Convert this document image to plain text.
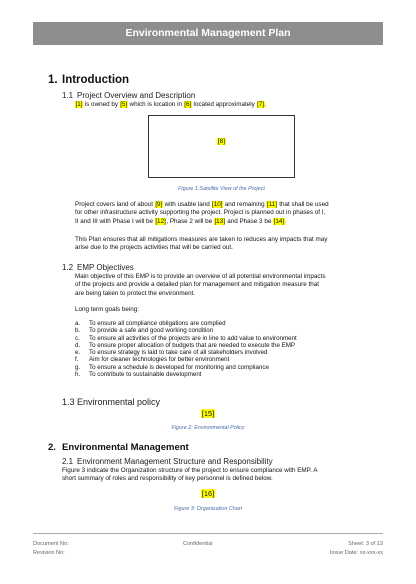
Environmental Management Plan
1. Introduction
1.1 Project Overview and Description
[1] is owned by [5] which is location in [6] located approximately [7].
[8]
Figure 1:Satellite View of the Project
Project covers land of about [9] with usable land [10] and remaining [11] that shall be used
for other infrastructure activity supporting the project. Project is planned out in phases of I,
II and III with Phase I will be [12], Phase 2 will be [13] and Phase 3 be [14].
This Plan ensures that all mitigations measures are taken to reduces any impacts that may
arise due to the projects activities that will be carried out.
1.2 EMP Objectives
Main objective of this EMP is to provide an overview of all potential environmental impacts
of the projects and provide a detailed plan for management and mitigation measure that
are being taken to protect the environment.
Long term goals being:
a. To ensure all compliance obligations are complied
b. To provide a safe and good working condition
c. To ensure all activities of the projects are in line to add value to environment
d. To ensure proper allocation of budgets that are needed to execute the EMP
e. To ensure strategy is laid to take care of all stakeholders involved
f. Aim for cleaner technologies for better environment
g. To ensure a schedule is developed for monitoring and compliance
h. To contribute to sustainable development
1.3 Environmental policy
[15]
Figure 2: Environmental Policy
2. Environmental Management
2.1 Environment Management Structure and Responsibility
Figure 3 indicate the Organization structure of the project to ensure compliance with EMP. A
short summary of roles and responsibility of key personnel is defined below.
[16]
Figure 3: Organization Chart
Document No:
Revision No:
Confidential	Sheet: 3 of 13
Issue Date: xx-xxx-xx
